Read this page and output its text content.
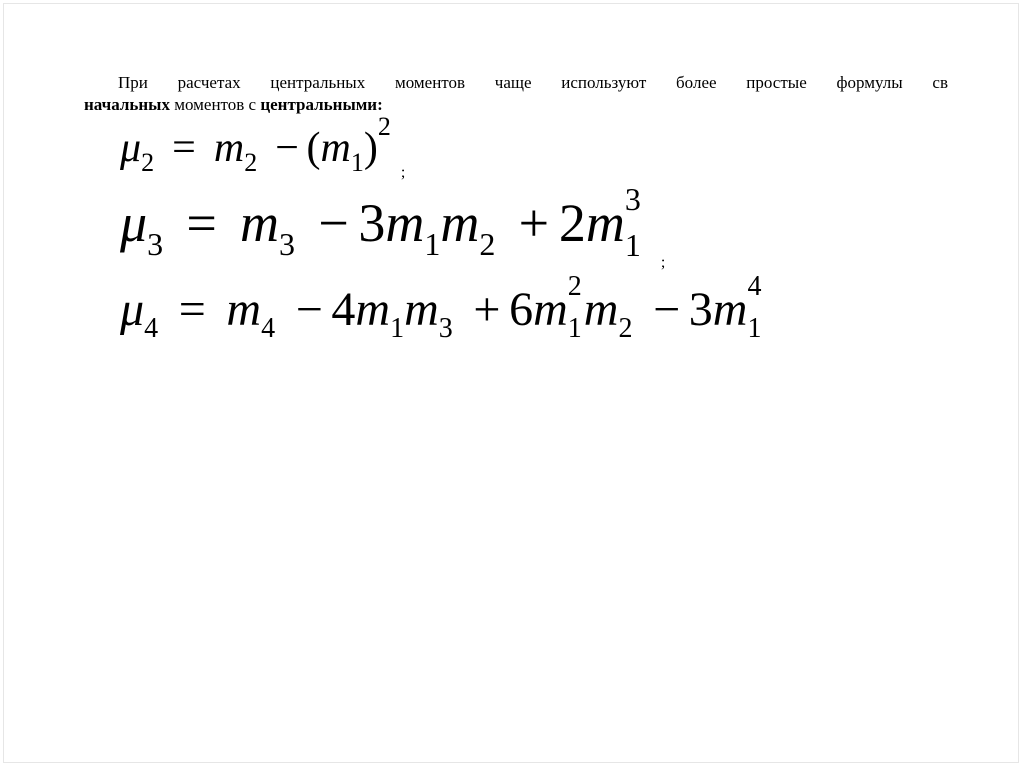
При расчетах центральных моментов чаще используют более простые формулы св
начальных моментов с центральными:
$\mu_2 = m_2 - (m_1)^2_;$
$\mu_3 = m_3 - 3m_1m_2 + 2m$ 3
1 $_;$
$\mu_4 = m_4 - 4m_1m_3 + 6m$ 2
1 $m_2 - 3m$ 4
1
